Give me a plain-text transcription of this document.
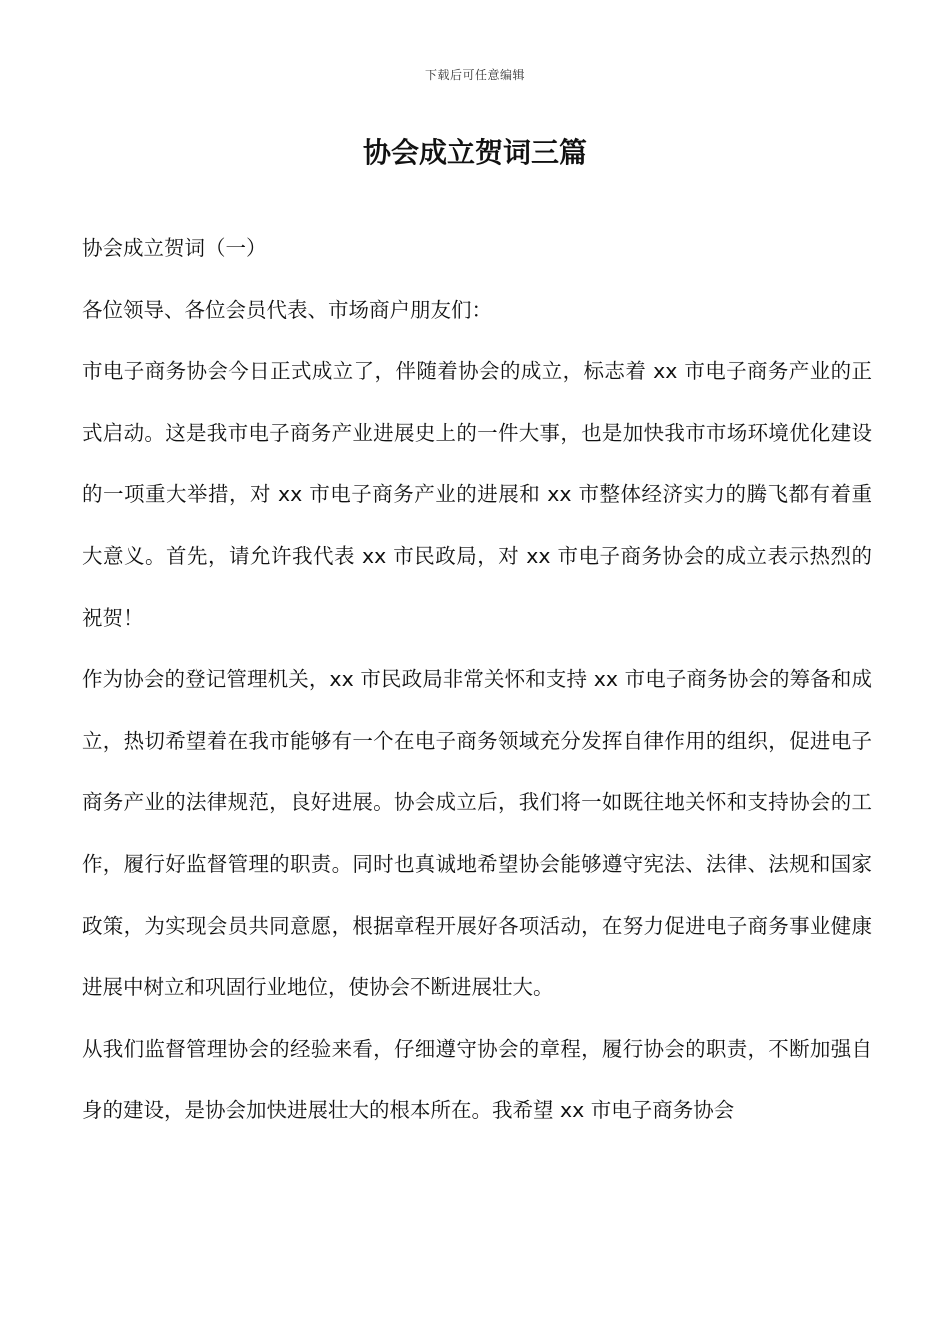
下载后可任意编辑
协会成立贺词三篇

协会成立贺词（一）

各位领导、各位会员代表、市场商户朋友们：

市电子商务协会今日正式成立了，伴随着协会的成立，标志着 xx 市电子商务产业的正式启动。这是我市电子商务产业进展史上的一件大事，也是加快我市市场环境优化建设的一项重大举措，对 xx 市电子商务产业的进展和 xx 市整体经济实力的腾飞都有着重大意义。首先，请允许我代表 xx 市民政局，对 xx 市电子商务协会的成立表示热烈的祝贺！

作为协会的登记管理机关，xx 市民政局非常关怀和支持 xx 市电子商务协会的筹备和成立，热切希望着在我市能够有一个在电子商务领域充分发挥自律作用的组织，促进电子商务产业的法律规范，良好进展。协会成立后，我们将一如既往地关怀和支持协会的工作，履行好监督管理的职责。同时也真诚地希望协会能够遵守宪法、法律、法规和国家政策，为实现会员共同意愿，根据章程开展好各项活动，在努力促进电子商务事业健康进展中树立和巩固行业地位，使协会不断进展壮大。

从我们监督管理协会的经验来看，仔细遵守协会的章程，履行协会的职责，不断加强自身的建设，是协会加快进展壮大的根本所在。我希望 xx 市电子商务协会
